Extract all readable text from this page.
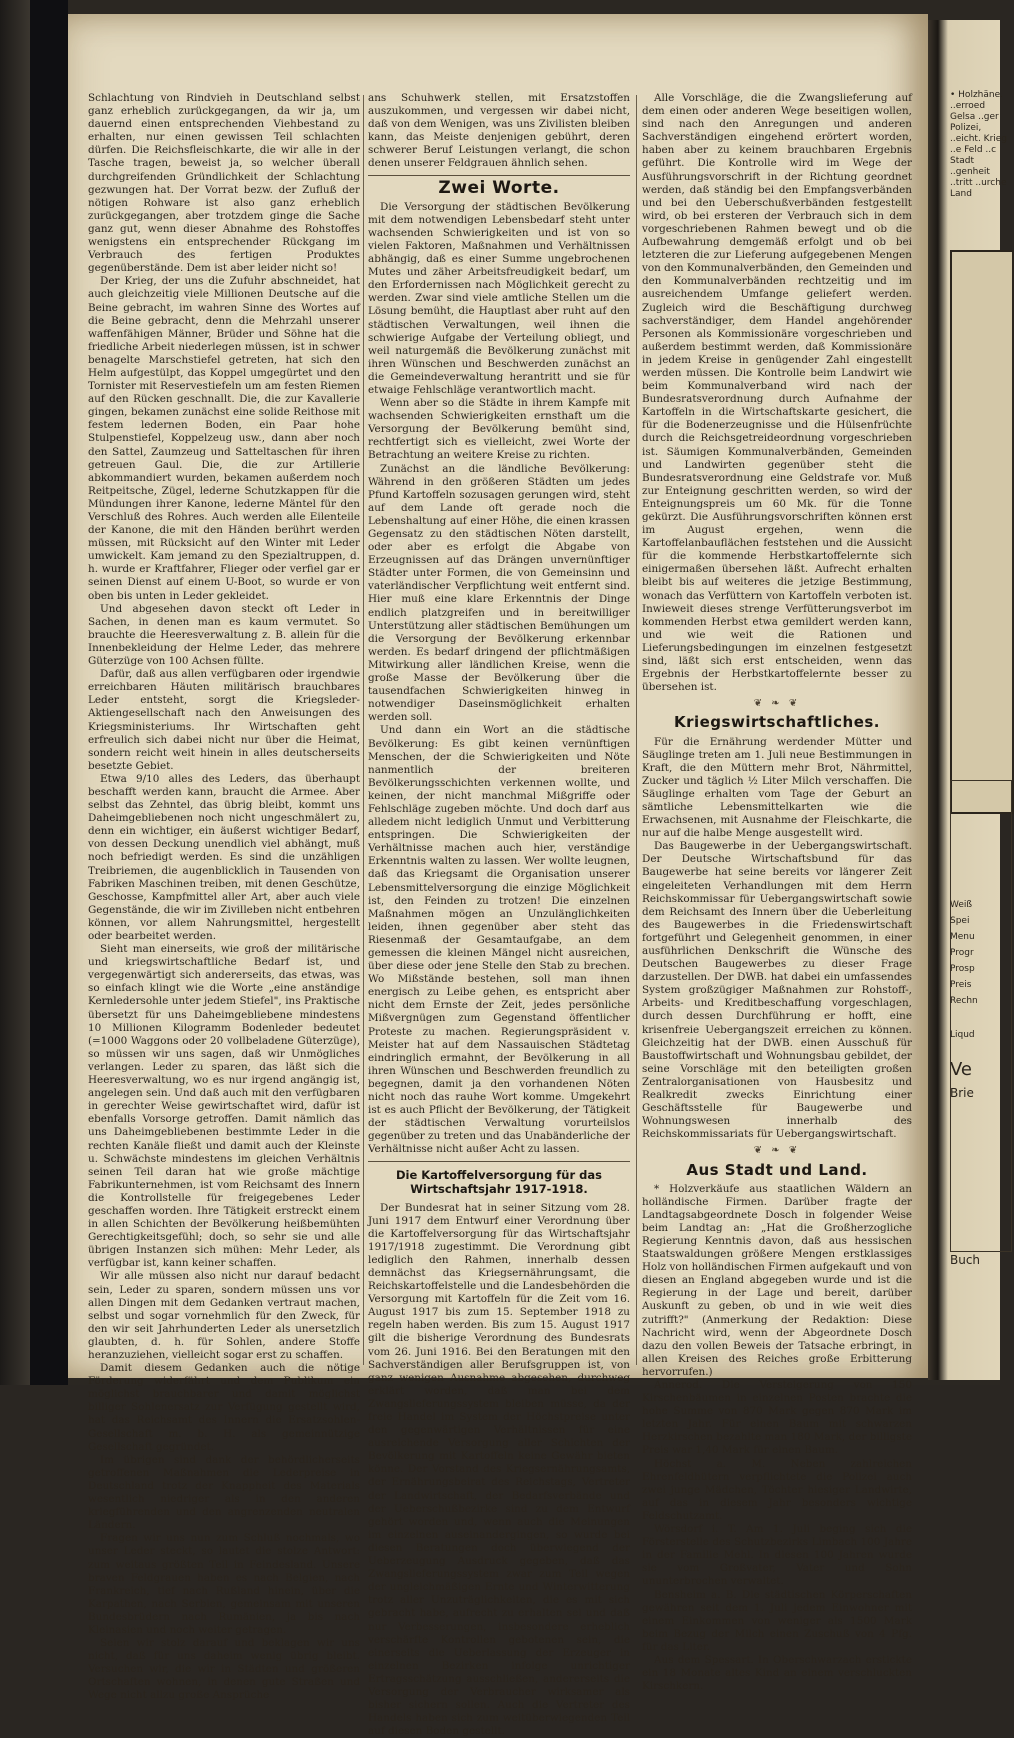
Schlachtung von Rindvieh in Deutschland selbst ganz erheblich zurückgegangen, da wir ja, um dauernd einen entsprechenden Viehbestand zu erhalten, nur einen gewissen Teil schlachten dürfen. Die Reichsfleischkarte, die wir alle in der Tasche tragen, beweist ja, so welcher überall durchgreifenden Gründlichkeit der Schlachtung gezwungen hat. Der Vorrat bezw. der Zufluß der nötigen Rohware ist also ganz erheblich zurückgegangen, aber trotzdem ginge die Sache ganz gut, wenn dieser Abnahme des Rohstoffes wenigstens ein entsprechender Rückgang im Verbrauch des fertigen Produktes gegenüberstände. Dem ist aber leider nicht so!

Der Krieg, der uns die Zufuhr abschneidet, hat auch gleichzeitig viele Millionen Deutsche auf die Beine gebracht, im wahren Sinne des Wortes auf die Beine gebracht, denn die Mehrzahl unserer waffenfähigen Männer, Brüder und Söhne hat die friedliche Arbeit niederlegen müssen, ist in schwer benagelte Marschstiefel getreten, hat sich den Helm aufgestülpt, das Koppel umgegürtet und den Tornister mit Reservestiefeln um am festen Riemen auf den Rücken geschnallt. Die, die zur Kavallerie gingen, bekamen zunächst eine solide Reithose mit festem ledernen Boden, ein Paar hohe Stulpenstiefel, Koppelzeug usw., dann aber noch den Sattel, Zaumzeug und Satteltaschen für ihren getreuen Gaul. Die, die zur Artillerie abkommandiert wurden, bekamen außerdem noch Reitpeitsche, Zügel, lederne Schutzkappen für die Mündungen ihrer Kanone, lederne Mäntel für den Verschluß des Rohres. Auch werden alle Eilenteile der Kanone, die mit den Händen berührt werden müssen, mit Rücksicht auf den Winter mit Leder umwickelt. Kam jemand zu den Spezialtruppen, d. h. wurde er Kraftfahrer, Flieger oder verfiel gar er seinen Dienst auf einem U-Boot, so wurde er von oben bis unten in Leder gekleidet.

Und abgesehen davon steckt oft Leder in Sachen, in denen man es kaum vermutet. So brauchte die Heeresverwaltung z. B. allein für die Innenbekleidung der Helme Leder, das mehrere Güterzüge von 100 Achsen füllte.

Dafür, daß aus allen verfügbaren oder irgendwie erreichbaren Häuten militärisch brauchbares Leder entsteht, sorgt die Kriegsleder-Aktiengesellschaft nach den Anweisungen des Kriegsministeriums. Ihr Wirtschaften geht erfreulich sich dabei nicht nur über die Heimat, sondern reicht weit hinein in alles deutscherseits besetzte Gebiet.

Etwa 9/10 alles des Leders, das überhaupt beschafft werden kann, braucht die Armee. Aber selbst das Zehntel, das übrig bleibt, kommt uns Daheimgebliebenen noch nicht ungeschmälert zu, denn ein wichtiger, ein äußerst wichtiger Bedarf, von dessen Deckung unendlich viel abhängt, muß noch befriedigt werden. Es sind die unzähligen Treibriemen, die augenblicklich in Tausenden von Fabriken Maschinen treiben, mit denen Geschütze, Geschosse, Kampfmittel aller Art, aber auch viele Gegenstände, die wir im Zivilleben nicht entbehren können, vor allem Nahrungsmittel, hergestellt oder bearbeitet werden.

Sieht man einerseits, wie groß der militärische und kriegswirtschaftliche Bedarf ist, und vergegenwärtigt sich andererseits, das etwas, was so einfach klingt wie die Worte „eine anständige Kernledersohle unter jedem Stiefel", ins Praktische übersetzt für uns Daheimgebliebene mindestens 10 Millionen Kilogramm Bodenleder bedeutet (=1000 Waggons oder 20 vollbeladene Güterzüge), so müssen wir uns sagen, daß wir Unmögliches verlangen. Leder zu sparen, das läßt sich die Heeresverwaltung, wo es nur irgend angängig ist, angelegen sein. Und daß auch mit den verfügbaren in gerechter Weise gewirtschaftet wird, dafür ist ebenfalls Vorsorge getroffen. Damit nämlich das uns Daheimgebliebenen bestimmte Leder in die rechten Kanäle fließt und damit auch der Kleinste u. Schwächste mindestens im gleichen Verhältnis seinen Teil daran hat wie große mächtige Fabrikunternehmen, ist vom Reichsamt des Innern die Kontrollstelle für freigegebenes Leder geschaffen worden. Ihre Tätigkeit erstreckt einem in allen Schichten der Bevölkerung heißbemühten Gerechtigkeitsgefühl; doch, so sehr sie und alle übrigen Instanzen sich mühen: Mehr Leder, als verfügbar ist, kann keiner schaffen.

Wir alle müssen also nicht nur darauf bedacht sein, Leder zu sparen, sondern müssen uns vor allen Dingen mit dem Gedanken vertraut machen, selbst und sogar vornehmlich für den Zweck, für den wir seit Jahrhunderten Leder als unersetzlich glaubten, d. h. für Sohlen, andere Stoffe heranzuziehen, vielleicht sogar erst zu schaffen.

Damit diesem Gedanken auch die nötige Förderung widerfährt und dem Publikum ein möglichst brauchbarer und damit möglichst billiger Sohlenersatz zur Verfügung gestellt wird, hat das Reichsamt des Innern die Ersatzsohlen-Gesellschaft m. b. H. als gemeinnützige Gesellschaft gegründet.

Im übrigen sind dank der behördlicherseits getroffenen Maßnahmen die Lederpreise in Deutschland trotz der Knappheit des Materials wesentlich niedriger als in den anderen kriegführenden und den angrenzenden neutralen Ländern.

Fragen wir uns nun zum Schluß nochmals, wo unser Leder steckt, so lautet die stolze Antwort: zum weitaus größten Teil in Feindesland. Unsere braven Feldgrauen haben es nach Belgien, nach Frankreich, tief nach Rußland hinein, über die Karpathen, nach Serbien, gemeinsam mit unseren Bundesbrüdern nach Rumänien, ja bis nach Kleinasien und noch weiter getragen.

Seien wir stolz darauf und beklagen wir uns nicht, daß für uns daheim wenig übrig bleibt. Versuchen wir, die wir in Städten und größeren Ortschaften wohnen, in denen gute Straßen und Wege nicht allzu große Ansprüche

ans Schuhwerk stellen, mit Ersatzstoffen auszukommen, und vergessen wir dabei nicht, daß von dem Wenigen, was uns Zivilisten bleiben kann, das Meiste denjenigen gebührt, deren schwerer Beruf Leistungen verlangt, die schon denen unserer Feldgrauen ähnlich sehen.

Zwei Worte.

Die Versorgung der städtischen Bevölkerung mit dem notwendigen Lebensbedarf steht unter wachsenden Schwierigkeiten und ist von so vielen Faktoren, Maßnahmen und Verhältnissen abhängig, daß es einer Summe ungebrochenen Mutes und zäher Arbeitsfreudigkeit bedarf, um den Erfordernissen nach Möglichkeit gerecht zu werden. Zwar sind viele amtliche Stellen um die Lösung bemüht, die Hauptlast aber ruht auf den städtischen Verwaltungen, weil ihnen die schwierige Aufgabe der Verteilung obliegt, und weil naturgemäß die Bevölkerung zunächst mit ihren Wünschen und Beschwerden zunächst an die Gemeindeverwaltung herantritt und sie für etwaige Fehlschläge verantwortlich macht.

Wenn aber so die Städte in ihrem Kampfe mit wachsenden Schwierigkeiten ernsthaft um die Versorgung der Bevölkerung bemüht sind, rechtfertigt sich es vielleicht, zwei Worte der Betrachtung an weitere Kreise zu richten.

Zunächst an die ländliche Bevölkerung: Während in den größeren Städten um jedes Pfund Kartoffeln sozusagen gerungen wird, steht auf dem Lande oft gerade noch die Lebenshaltung auf einer Höhe, die einen krassen Gegensatz zu den städtischen Nöten darstellt, oder aber es erfolgt die Abgabe von Erzeugnissen auf das Drängen unvernünftiger Städter unter Formen, die von Gemeinsinn und vaterländischer Verpflichtung weit entfernt sind. Hier muß eine klare Erkenntnis der Dinge endlich platzgreifen und in bereitwilliger Unterstützung aller städtischen Bemühungen um die Versorgung der Bevölkerung erkennbar werden. Es bedarf dringend der pflichtmäßigen Mitwirkung aller ländlichen Kreise, wenn die große Masse der Bevölkerung über die tausendfachen Schwierigkeiten hinweg in notwendiger Daseinsmöglichkeit erhalten werden soll.

Und dann ein Wort an die städtische Bevölkerung: Es gibt keinen vernünftigen Menschen, der die Schwierigkeiten und Nöte nanmentlich der breiteren Bevölkerungsschichten verkennen wollte, und keinen, der nicht manchmal Mißgriffe oder Fehlschläge zugeben möchte. Und doch darf aus alledem nicht lediglich Unmut und Verbitterung entspringen. Die Schwierigkeiten der Verhältnisse machen auch hier, verständige Erkenntnis walten zu lassen. Wer wollte leugnen, daß das Kriegsamt die Organisation unserer Lebensmittelversorgung die einzige Möglichkeit ist, den Feinden zu trotzen! Die einzelnen Maßnahmen mögen an Unzulänglichkeiten leiden, ihnen gegenüber aber steht das Riesenmaß der Gesamtaufgabe, an dem gemessen die kleinen Mängel nicht ausreichen, über diese oder jene Stelle den Stab zu brechen. Wo Mißstände bestehen, soll man ihnen energisch zu Leibe gehen, es entspricht aber nicht dem Ernste der Zeit, jedes persönliche Mißvergnügen zum Gegenstand öffentlicher Proteste zu machen. Regierungspräsident v. Meister hat auf dem Nassauischen Städtetag eindringlich ermahnt, der Bevölkerung in all ihren Wünschen und Beschwerden freundlich zu begegnen, damit ja den vorhandenen Nöten nicht noch das rauhe Wort komme. Umgekehrt ist es auch Pflicht der Bevölkerung, der Tätigkeit der städtischen Verwaltung vorurteilslos gegenüber zu treten und das Unabänderliche der Verhältnisse nicht außer Acht zu lassen.

Die Kartoffelversorgung für das Wirtschaftsjahr 1917-1918.

Der Bundesrat hat in seiner Sitzung vom 28. Juni 1917 dem Entwurf einer Verordnung über die Kartoffelversorgung für das Wirtschaftsjahr 1917/1918 zugestimmt. Die Verordnung gibt lediglich den Rahmen, innerhalb dessen demnächst das Kriegsernährungsamt, die Reichskartoffelstelle und die Landesbehörden die Versorgung mit Kartoffeln für die Zeit vom 16. August 1917 bis zum 15. September 1918 zu regeln haben werden. Bis zum 15. August 1917 gilt die bisherige Verordnung des Bundesrats vom 26. Juni 1916. Bei den Beratungen mit den Sachverständigen aller Berufsgruppen ist, von ganz wenigen Ausnahme abgesehen, durchweg erklärt worden, daß man bei dem Zwangslieferungssystem bleiben müsse, da der freie Handel im System der Höchstpreise unter den gegenwärtigen Verhältnissen für eine ausreichende Versorgung aller Schichten der Bevölkerung mit Kartoffeln keine Gewähr bieten könne. Der Vorstand des Kriegsernährungsamts, der Ernährungsbeirat des Reichstags, Vertreter der Landwirtschaft, der Bedarfsverbände und der Ueberschußbezirke sind zu dem Entwurf gehört worden und, wenn auch die Meinungen im einzelnen auseinandergingen, so wurde bei diesen Beratungen doch überwiegend der Ueberzeugung Ausdruck gegeben, daß das Zwangslieferungssystem zwar zum Teil wegen der ungleichmäßigen Ernte und Winterwitterung trotz aller Unzuträglichkeiten, die es mit sich gebracht habe, aufrecht zu erhalten sei und daß nur Verbesserungen, insbesondere erheblich verschärfte Kontrollen gebotenen sein, die einerseits die Ueberlassung der Erzeuger in einzelnen Bezirken infolge unrichtiger Ertragsschätzung ausschließen, andererseits die Versorgung der Verbraucher wirksamer als bisher sichern sollen. Auch die Vertreter des Handels haben sich zum weitüberwiegenden Teil auf diesen Boden gestellt.

Alle Vorschläge, die die Zwangslieferung auf dem einen oder anderen Wege beseitigen wollen, sind nach den Anregungen und anderen Sachverständigen eingehend erörtert worden, haben aber zu keinem brauchbaren Ergebnis geführt. Die Kontrolle wird im Wege der Ausführungsvorschrift in der Richtung geordnet werden, daß ständig bei den Empfangsverbänden und bei den Ueberschußverbänden festgestellt wird, ob bei ersteren der Verbrauch sich in dem vorgeschriebenen Rahmen bewegt und ob die Aufbewahrung demgemäß erfolgt und ob bei letzteren die zur Lieferung aufgegebenen Mengen von den Kommunalverbänden, den Gemeinden und den Kommunalverbänden rechtzeitig und im ausreichendem Umfange geliefert werden. Zugleich wird die Beschäftigung durchweg sachverständiger, dem Handel angehörender Personen als Kommissionäre vorgeschrieben und außerdem bestimmt werden, daß Kommissionäre in jedem Kreise in genügender Zahl eingestellt werden müssen. Die Kontrolle beim Landwirt wie beim Kommunalverband wird nach der Bundesratsverordnung durch Aufnahme der Kartoffeln in die Wirtschaftskarte gesichert, die für die Bodenerzeugnisse und die Hülsenfrüchte durch die Reichsgetreideordnung vorgeschrieben ist. Säumigen Kommunalverbänden, Gemeinden und Landwirten gegenüber steht die Bundesratsverordnung eine Geldstrafe vor. Muß zur Enteignung geschritten werden, so wird der Enteignungspreis um 60 Mk. für die Tonne gekürzt. Die Ausführungsvorschriften können erst im August ergehen, wenn die Kartoffelanbauflächen feststehen und die Aussicht für die kommende Herbstkartoffelernte sich einigermaßen übersehen läßt. Aufrecht erhalten bleibt bis auf weiteres die jetzige Bestimmung, wonach das Verfüttern von Kartoffeln verboten ist. Inwieweit dieses strenge Verfütterungsverbot im kommenden Herbst etwa gemildert werden kann, und wie weit die Rationen und Lieferungsbedingungen im einzelnen festgesetzt sind, läßt sich erst entscheiden, wenn das Ergebnis der Herbstkartoffelernte besser zu übersehen ist.

❦ ❧ ❦
Kriegswirtschaftliches.

Für die Ernährung werdender Mütter und Säuglinge treten am 1. Juli neue Bestimmungen in Kraft, die den Müttern mehr Brot, Nährmittel, Zucker und täglich ½ Liter Milch verschaffen. Die Säuglinge erhalten vom Tage der Geburt an sämtliche Lebensmittelkarten wie die Erwachsenen, mit Ausnahme der Fleischkarte, die nur auf die halbe Menge ausgestellt wird.

Das Baugewerbe in der Uebergangswirtschaft. Der Deutsche Wirtschaftsbund für das Baugewerbe hat seine bereits vor längerer Zeit eingeleiteten Verhandlungen mit dem Herrn Reichskommissar für Uebergangswirtschaft sowie dem Reichsamt des Innern über die Ueberleitung des Baugewerbes in die Friedenswirtschaft fortgeführt und Gelegenheit genommen, in einer ausführlichen Denkschrift die Wünsche des Deutschen Baugewerbes zu dieser Frage darzustellen. Der DWB. hat dabei ein umfassendes System großzügiger Maßnahmen zur Rohstoff-, Arbeits- und Kreditbeschaffung vorgeschlagen, durch dessen Durchführung er hofft, eine krisenfreie Uebergangszeit erreichen zu können. Gleichzeitig hat der DWB. einen Ausschuß für Baustoffwirtschaft und Wohnungsbau gebildet, der seine Vorschläge mit den beteiligten großen Zentralorganisationen von Hausbesitz und Realkredit zwecks Einrichtung einer Geschäftsstelle für Baugewerbe und Wohnungswesen innerhalb des Reichskommissariats für Uebergangswirtschaft.

❦ ❧ ❦
Aus Stadt und Land.

* Holzverkäufe aus staatlichen Wäldern an holländische Firmen. Darüber fragte der Landtagsabgeordnete Dosch in folgender Weise beim Landtag an: „Hat die Großherzogliche Regierung Kenntnis davon, daß aus hessischen Staatswaldungen größere Mengen erstklassiges Holz von holländischen Firmen aufgekauft und von diesen an England abgegeben wurde und ist die Regierung in der Lage und bereit, darüber Auskunft zu geben, ob und in wie weit dies zutrifft?" (Anmerkung der Redaktion: Diese Nachricht wird, wenn der Abgeordnete Dosch dazu den vollen Beweis der Tatsache erbringt, in allen Kreisen des Reiches große Erbitterung hervorrufen.)

Annerod. Die Versteigerung von 150 Kirschenbäumen in einzelnen Posten brachte die hohe Summe von 870 Mark gegen 870 Mark im letzten Jahr. Für einen Baum mit schwarzen Herzkirschen bezahlte man 180 Mark, der billigste Preis war 1,40 Mark für einen Baum.

Höchst a. M. Neben zahlreichen Ehrenfeldhütern verpflichtete die Polizei auch zwei junge Mädchen, Töchter hiesiger Landwirte, auf das in diesem Jahr besonders wichtige Feldschutzamt.

Wörsdorf i. T. Am 1. Juli beging sich die Försterstelle des Schutzbezirks Limbach 100 Jahre in der Familie Mehl. In diesen 100 Jahren wurde sie vom Großvater, Vater und Sohn ununterbrochen verwaltet.

Bensheim a. B. Die städtischen Körperschaften gewähren seit dem 1. Juli jedem Einwohner mit einem Einkommen von weniger als 1500 Mark beim Bezug der Milch einen Zuschuß von 4 Pfg. für das Liter.

Aus dem Spessart. In Oberschwarzach erstickte ein 18 Monate altes Kind an einem verschluckten Kirschkern.

• Holzhäne. ..erroed Gelsa ..ger Polizei, ..eicht. Krieg ..e Feld ..c Stadt ..genheit ..tritt ..urche Land
Weiß
Spei
Menu
Progr
Prosp
Preis
Rechn
Liqud
Ve
Brie
Buch
